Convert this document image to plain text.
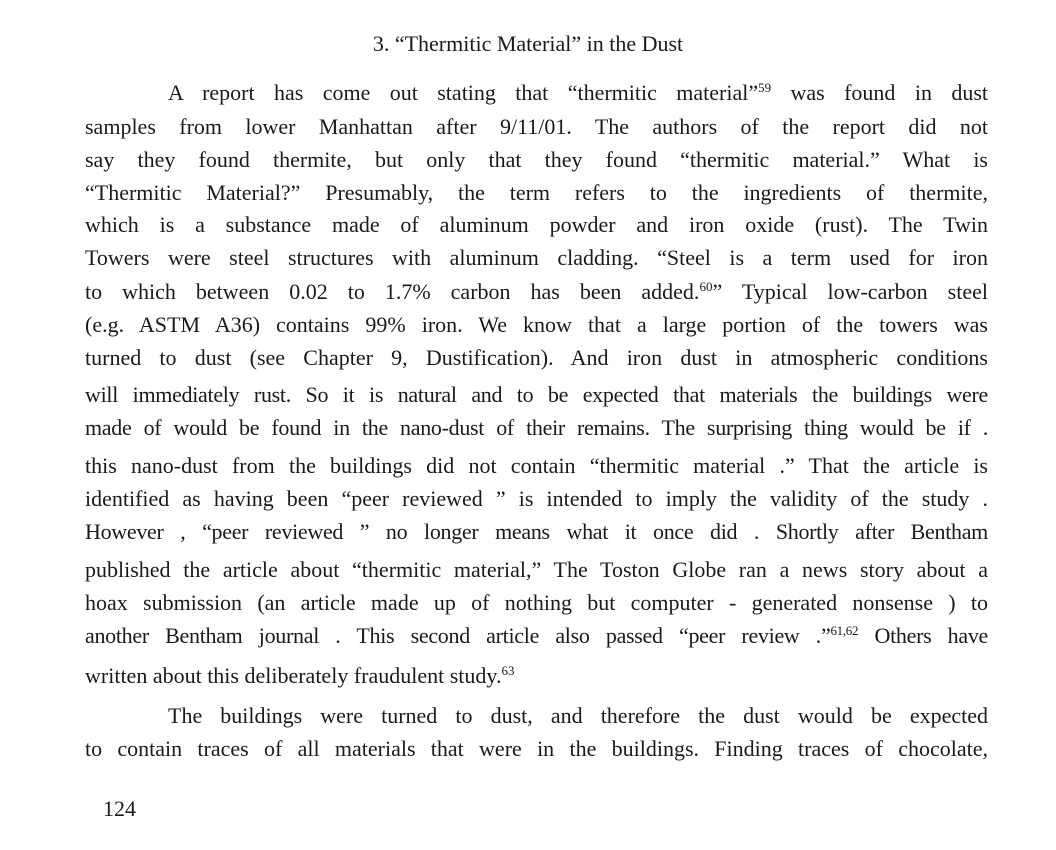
3. “Thermitic Material” in the Dust
A report has come out stating that “thermitic material”$^{59}$ was found in dust
samples from lower Manhattan after 9/11/01. The authors of the report did not
say they found thermite, but only that they found “thermitic material.” What is
“Thermitic Material?” Presumably, the term refers to the ingredients of thermite,
which is a substance made of aluminum powder and iron oxide (rust). The Twin
Towers were steel structures with aluminum cladding. “Steel is a term used for iron
to which between 0.02 to 1.7% carbon has been added.$^{60}$” Typical low-carbon steel
(e.g. ASTM A36) contains 99% iron. We know that a large portion of the towers was
turned to dust (see Chapter 9, Dustification). And iron dust in atmospheric conditions
will immediately rust. So it is natural and to be expected that materials the buildings were
made of would be found in the nano-dust of their remains. The surprising thing would be if .
this nano-dust from the buildings did not contain “thermitic material .” That the article is
identified as having been “peer reviewed ” is intended to imply the validity of the study .
However , “peer reviewed ” no longer means what it once did . Shortly after Bentham
published the article about “thermitic material,” The Toston Globe ran a news story about a
hoax submission (an article made up of nothing but computer - generated nonsense ) to
another Bentham journal . This second article also passed “peer review .”$^{61,62}$ Others have
written about this deliberately fraudulent study.$^{63}$
The buildings were turned to dust, and therefore the dust would be expected
to contain traces of all materials that were in the buildings. Finding traces of chocolate,
124
